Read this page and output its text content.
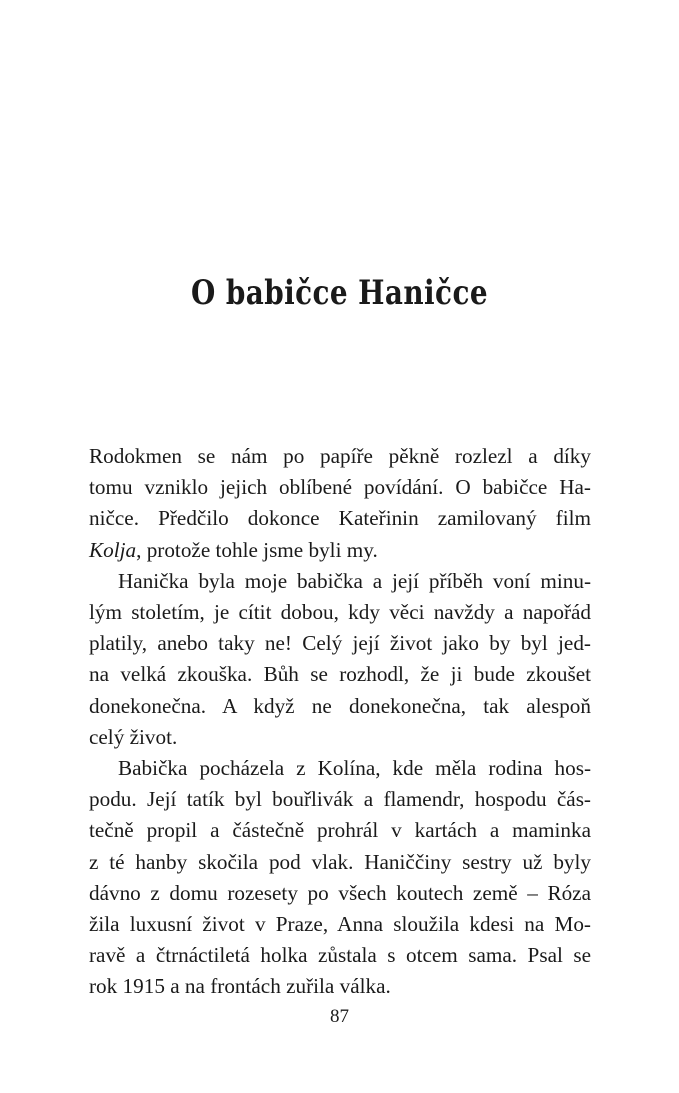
O babičce Haničce

Rodokmen se nám po papíře pěkně rozlezl a díky
tomu vzniklo jejich oblíbené povídání. O babičce Ha-
ničce. Předčilo dokonce Kateřinin zamilovaný film
Kolja, protože tohle jsme byli my.

Hanička byla moje babička a její příběh voní minu-
lým stoletím, je cítit dobou, kdy věci navždy a napořád
platily, anebo taky ne! Celý její život jako by byl jed-
na velká zkouška. Bůh se rozhodl, že ji bude zkoušet
donekonečna. A když ne donekonečna, tak alespoň
celý život.

Babička pocházela z Kolína, kde měla rodina hos-
podu. Její tatík byl bouřlivák a flamendr, hospodu čás-
tečně propil a částečně prohrál v kartách a maminka
z té hanby skočila pod vlak. Haniččiny sestry už byly
dávno z domu rozesety po všech koutech země – Róza
žila luxusní život v Praze, Anna sloužila kdesi na Mo-
ravě a čtrnáctiletá holka zůstala s otcem sama. Psal se
rok 1915 a na frontách zuřila válka.

87
